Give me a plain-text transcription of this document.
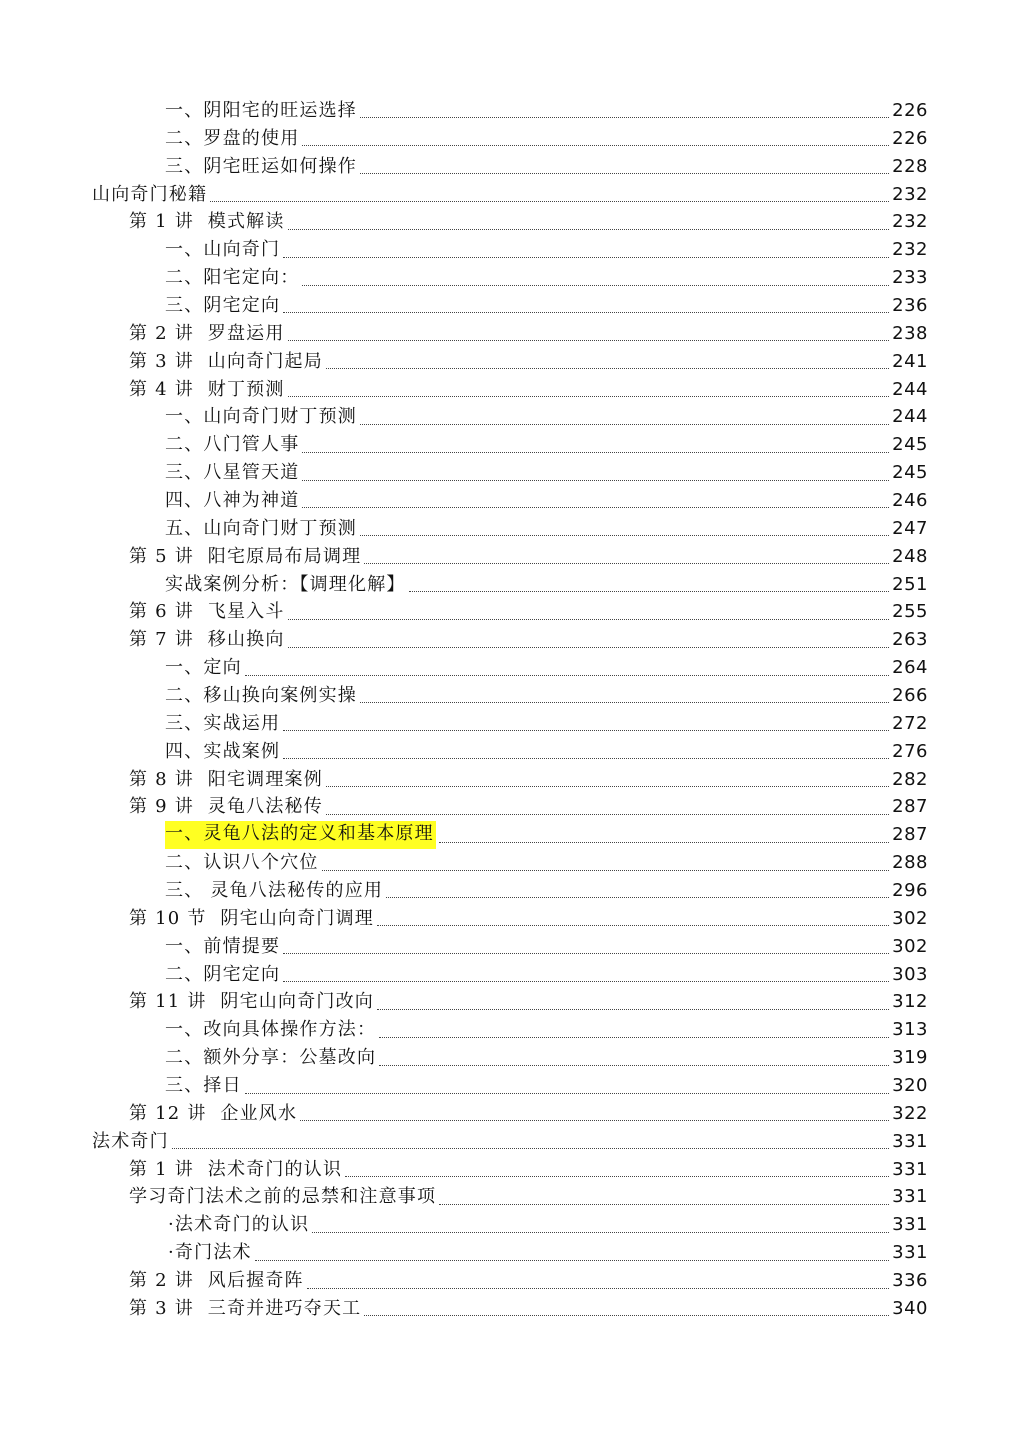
一、阴阳宅的旺运选择	226
二、罗盘的使用	226
三、阴宅旺运如何操作	228
山向奇门秘籍	232
第 1 讲  模式解读	232
一、山向奇门	232
二、阳宅定向：	233
三、阴宅定向	236
第 2 讲  罗盘运用	238
第 3 讲  山向奇门起局	241
第 4 讲  财丁预测	244
一、山向奇门财丁预测	244
二、八门管人事	245
三、八星管天道	245
四、八神为神道	246
五、山向奇门财丁预测	247
第 5 讲  阳宅原局布局调理	248
实战案例分析：【调理化解】	251
第 6 讲  飞星入斗	255
第 7 讲  移山换向	263
一、定向	264
二、移山换向案例实操	266
三、实战运用	272
四、实战案例	276
第 8 讲  阳宅调理案例	282
第 9 讲  灵龟八法秘传	287
一、灵龟八法的定义和基本原理	287
二、认识八个穴位	288
三、 灵龟八法秘传的应用	296
第 10 节  阴宅山向奇门调理	302
一、前情提要	302
二、阴宅定向	303
第 11 讲  阴宅山向奇门改向	312
一、改向具体操作方法：	313
二、额外分享：公墓改向	319
三、择日	320
第 12 讲  企业风水	322
法术奇门	331
第 1 讲  法术奇门的认识	331
学习奇门法术之前的忌禁和注意事项	331
·法术奇门的认识	331
·奇门法术	331
第 2 讲  风后握奇阵	336
第 3 讲  三奇并进巧夺天工	340
